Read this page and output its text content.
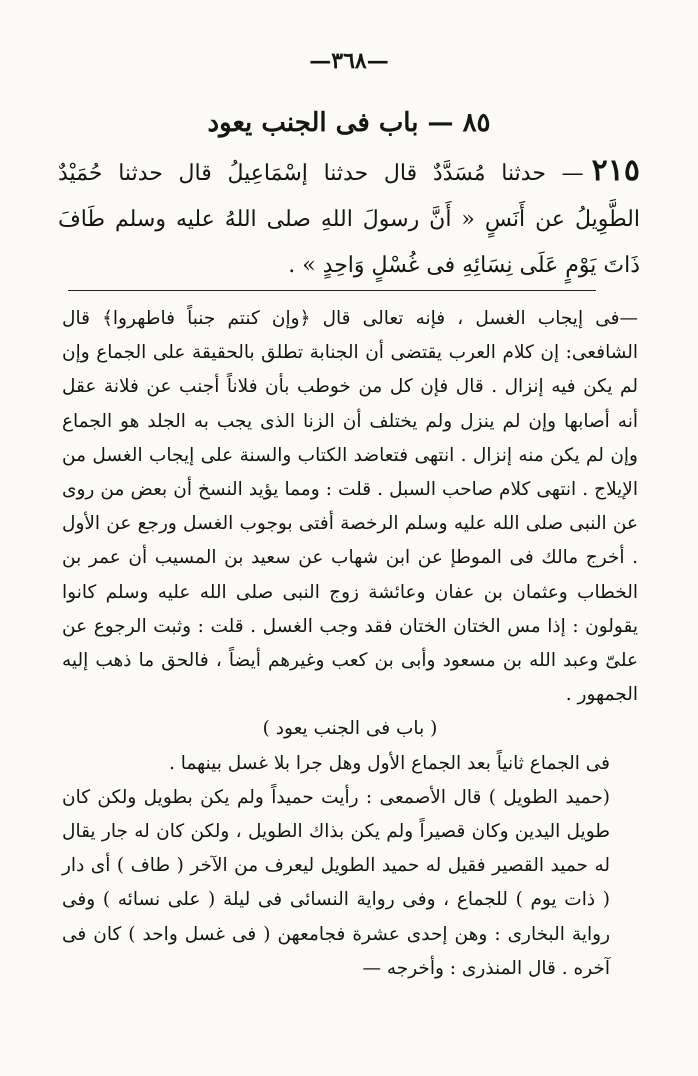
—٣٦٨—
٨٥ — باب فى الجنب يعود
٢١٥— حدثنا مُسَدَّدٌ قال حدثنا إسْمَاعِيلُ قال حدثنا حُمَيْدٌ الطَّوِيلُ عن أَنَسٍ « أَنَّ رسولَ اللهِ صلى اللهُ عليه وسلم طَافَ ذَاتَ يَوْمٍ عَلَى نِسَائِهِ فى غُسْلٍ وَاحِدٍ » .

—فى إيجاب الغسل ، فإنه تعالى قال ﴿وإن كنتم جنباً فاطهروا﴾ قال الشافعى: إن كلام العرب يقتضى أن الجنابة تطلق بالحقيقة على الجماع وإن لم يكن فيه إنزال . قال فإن كل من خوطب بأن فلاناً أجنب عن فلانة عقل أنه أصابها وإن لم ينزل ولم يختلف أن الزنا الذى يجب به الجلد هو الجماع وإن لم يكن منه إنزال . انتهى فتعاضد الكتاب والسنة على إيجاب الغسل من الإيلاج . انتهى كلام صاحب السبل . قلت : ومما يؤيد النسخ أن بعض من روى عن النبى صلى الله عليه وسلم الرخصة أفتى بوجوب الغسل ورجع عن الأول . أخرج مالك فى الموطإ عن ابن شهاب عن سعيد بن المسيب أن عمر بن الخطاب وعثمان بن عفان وعائشة زوج النبى صلى الله عليه وسلم كانوا يقولون : إذا مس الختان الختان فقد وجب الغسل . قلت : وثبت الرجوع عن علىّ وعبد الله بن مسعود وأبى بن كعب وغيرهم أيضاً ، فالحق ما ذهب إليه الجمهور .

( باب فى الجنب يعود )

فى الجماع ثانياً بعد الجماع الأول وهل جرا بلا غسل بينهما .

(حميد الطويل ) قال الأصمعى : رأيت حميداً ولم يكن بطويل ولكن كان طويل اليدين وكان قصيراً ولم يكن بذاك الطويل ، ولكن كان له جار يقال له حميد القصير فقيل له حميد الطويل ليعرف من الآخر ( طاف ) أى دار ( ذات يوم ) للجماع ، وفى رواية النسائى فى ليلة ( على نسائه ) وفى رواية البخارى : وهن إحدى عشرة فجامعهن ( فى غسل واحد ) كان فى آخره . قال المنذرى : وأخرجه —
